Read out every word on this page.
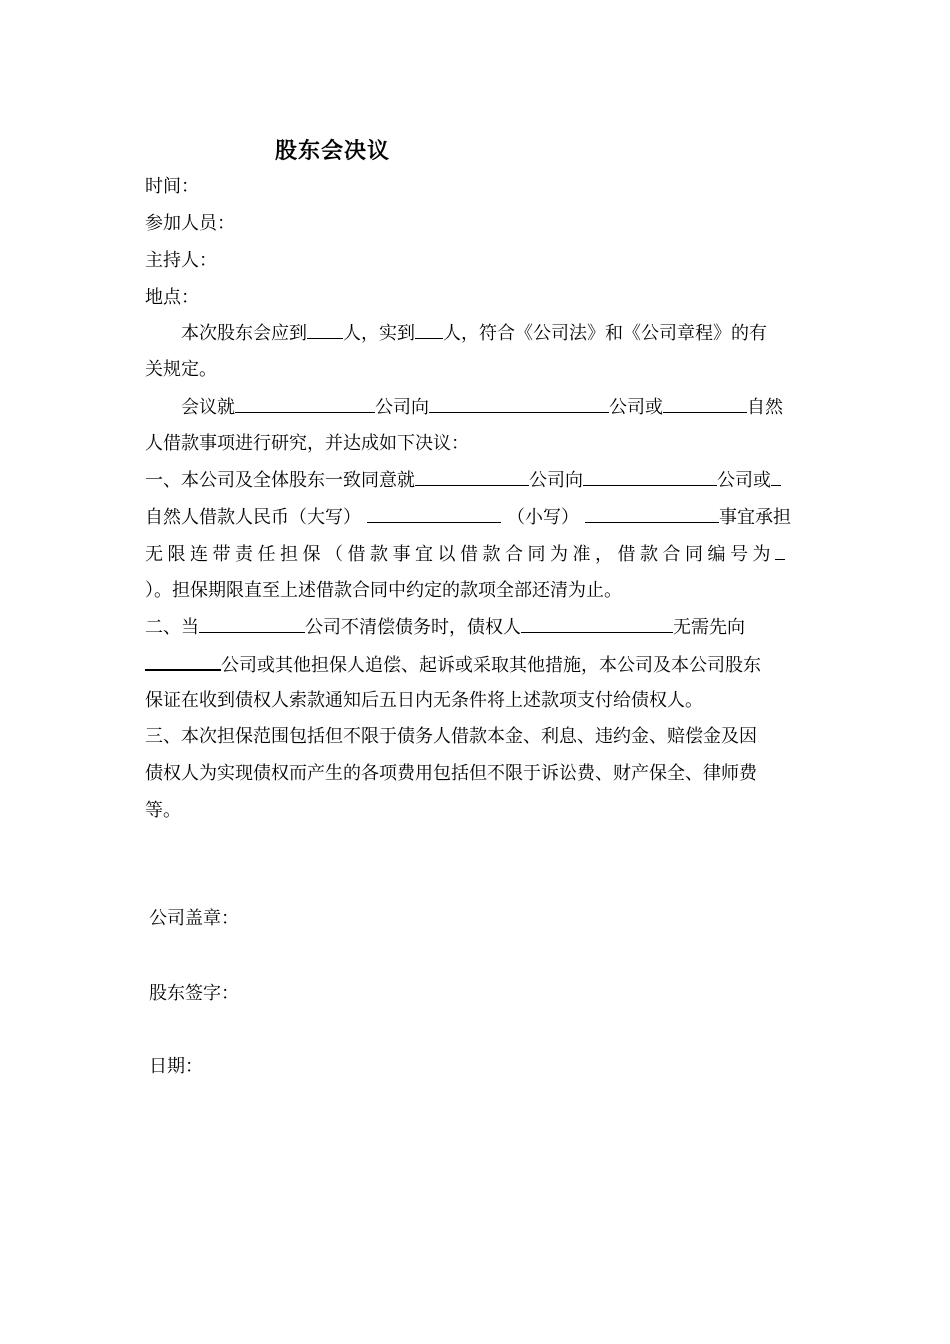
股东会决议
时间：
参加人员：
主持人：
地点：
本次股东会应到 人，实到 人，符合《公司法》和《公司章程》的有
关规定。
会议就	公司向	公司或	自然
人借款事项进行研究，并达成如下决议：
一、本公司及全体股东一致同意就	公司向	公司或
自然人借款人民币（大写）	（小写）	事宜承担
无限连带责任担保（借款事宜以借款合同为准，借款合同编号为
）。担保期限直至上述借款合同中约定的款项全部还清为止。
二、当	公司不清偿债务时，债权人	无需先向
公司或其他担保人追偿、起诉或采取其他措施，本公司及本公司股东
保证在收到债权人索款通知后五日内无条件将上述款项支付给债权人。
三、本次担保范围包括但不限于债务人借款本金、利息、违约金、赔偿金及因
债权人为实现债权而产生的各项费用包括但不限于诉讼费、财产保全、律师费
等。
公司盖章：
股东签字：
日期：
